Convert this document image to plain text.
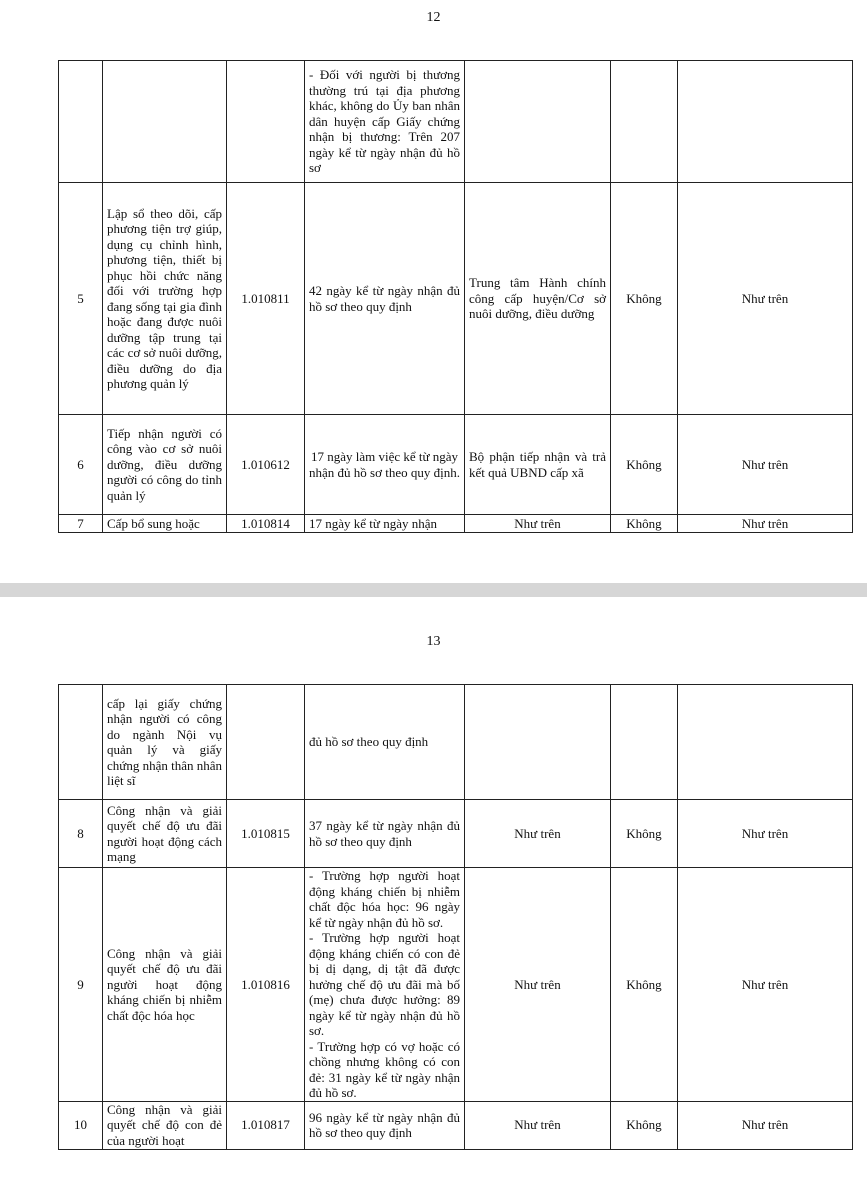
12
			- Đối với người bị thương thường trú tại địa phương khác, không do Ủy ban nhân dân huyện cấp Giấy chứng nhận bị thương: Trên 207 ngày kể từ ngày nhận đủ hồ sơ			
5	Lập sổ theo dõi, cấp phương tiện trợ giúp, dụng cụ chỉnh hình, phương tiện, thiết bị phục hồi chức năng đối với trường hợp đang sống tại gia đình hoặc đang được nuôi dưỡng tập trung tại các cơ sở nuôi dưỡng, điều dưỡng do địa phương quản lý	1.010811	42 ngày kể từ ngày nhận đủ hồ sơ theo quy định	Trung tâm Hành chính công cấp huyện/Cơ sở nuôi dưỡng, điều dưỡng	Không	Như trên
6	Tiếp nhận người có công vào cơ sở nuôi dưỡng, điều dưỡng người có công do tỉnh quản lý	1.010612	17 ngày làm việc kể từ ngày nhận đủ hồ sơ theo quy định.	Bộ phận tiếp nhận và trả kết quả UBND cấp xã	Không	Như trên
7	Cấp bổ sung hoặc	1.010814	17 ngày kể từ ngày nhận	Như trên	Không	Như trên
13
	cấp lại giấy chứng nhận người có công do ngành Nội vụ quản lý và giấy chứng nhận thân nhân liệt sĩ		đủ hồ sơ theo quy định			
8	Công nhận và giải quyết chế độ ưu đãi người hoạt động cách mạng	1.010815	37 ngày kể từ ngày nhận đủ hồ sơ theo quy định	Như trên	Không	Như trên
9	Công nhận và giải quyết chế độ ưu đãi người hoạt động kháng chiến bị nhiễm chất độc hóa học	1.010816	- Trường hợp người hoạt động kháng chiến bị nhiễm chất độc hóa học: 96 ngày kể từ ngày nhận đủ hồ sơ.
- Trường hợp người hoạt động kháng chiến có con đẻ bị dị dạng, dị tật đã được hưởng chế độ ưu đãi mà bố (mẹ) chưa được hưởng: 89 ngày kể từ ngày nhận đủ hồ sơ.
- Trường hợp có vợ hoặc có chồng nhưng không có con đẻ: 31 ngày kể từ ngày nhận đủ hồ sơ.	Như trên	Không	Như trên
10	Công nhận và giải quyết chế độ con đẻ của người hoạt	1.010817	96 ngày kể từ ngày nhận đủ hồ sơ theo quy định	Như trên	Không	Như trên
